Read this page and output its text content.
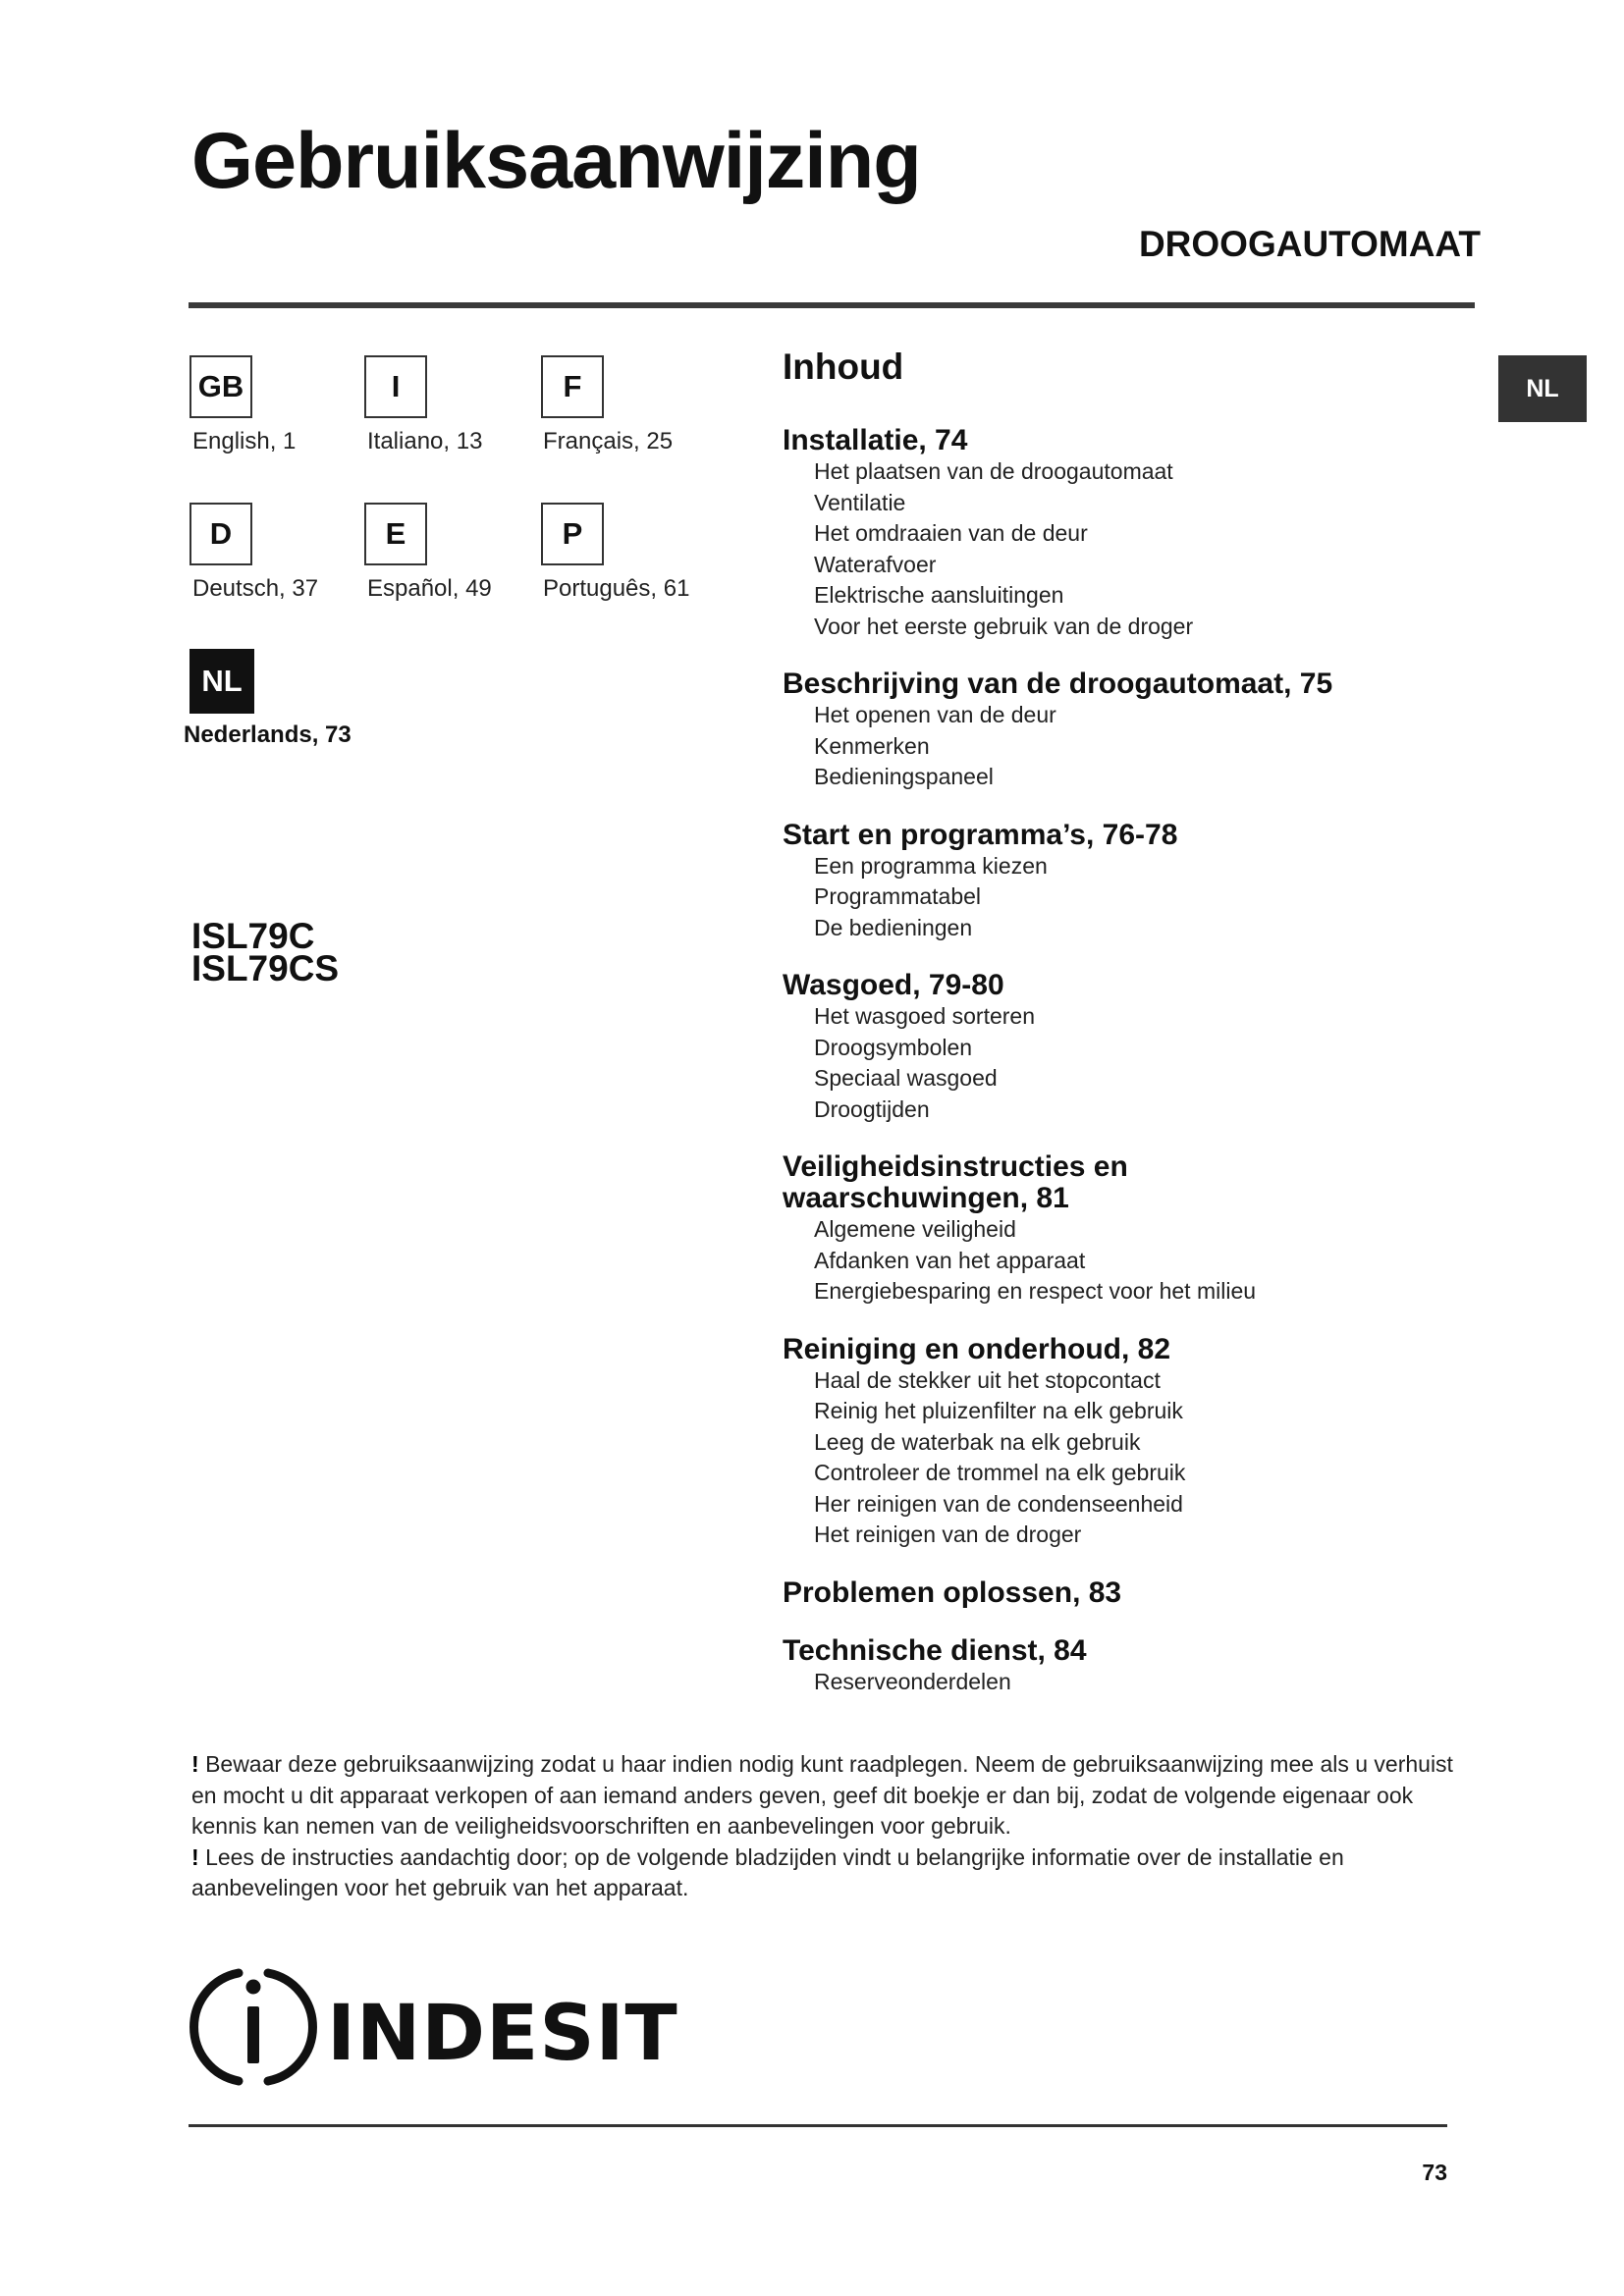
Gebruiksaanwijzing
DROOGAUTOMAAT
NL
GB
English, 1
I
Italiano, 13
F
Français, 25
D
Deutsch, 37
E
Español, 49
P
Português, 61
NL
Nederlands, 73
ISL79C
ISL79CS
Inhoud
Installatie, 74
Het plaatsen van de droogautomaat
Ventilatie
Het omdraaien van de deur
Waterafvoer
Elektrische aansluitingen
Voor het eerste gebruik van de droger
Beschrijving van de droogautomaat, 75
Het openen van de deur
Kenmerken
Bedieningspaneel
Start en programma’s, 76-78
Een programma kiezen
Programmatabel
De bedieningen
Wasgoed, 79-80
Het wasgoed sorteren
Droogsymbolen
Speciaal wasgoed
Droogtijden
Veiligheidsinstructies en
waarschuwingen, 81
Algemene veiligheid
Afdanken van het apparaat
Energiebesparing en respect voor het milieu
Reiniging en onderhoud, 82
Haal de stekker uit het stopcontact
Reinig het pluizenfilter na elk gebruik
Leeg de waterbak na elk gebruik
Controleer de trommel na elk gebruik
Her reinigen van de condenseenheid
Het reinigen van de droger
Problemen oplossen, 83
Technische dienst, 84
Reserveonderdelen
! Bewaar deze gebruiksaanwijzing zodat u haar indien nodig kunt raadplegen. Neem de gebruiksaanwijzing mee als u verhuist en mocht u dit apparaat verkopen of aan iemand anders geven, geef dit boekje er dan bij, zodat de volgende eigenaar ook kennis kan nemen van de veiligheidsvoorschriften en aanbevelingen voor gebruik.
! Lees de instructies aandachtig door; op de volgende bladzijden vindt u belangrijke informatie over de installatie en aanbevelingen voor het gebruik van het apparaat.
INDESIT
73
